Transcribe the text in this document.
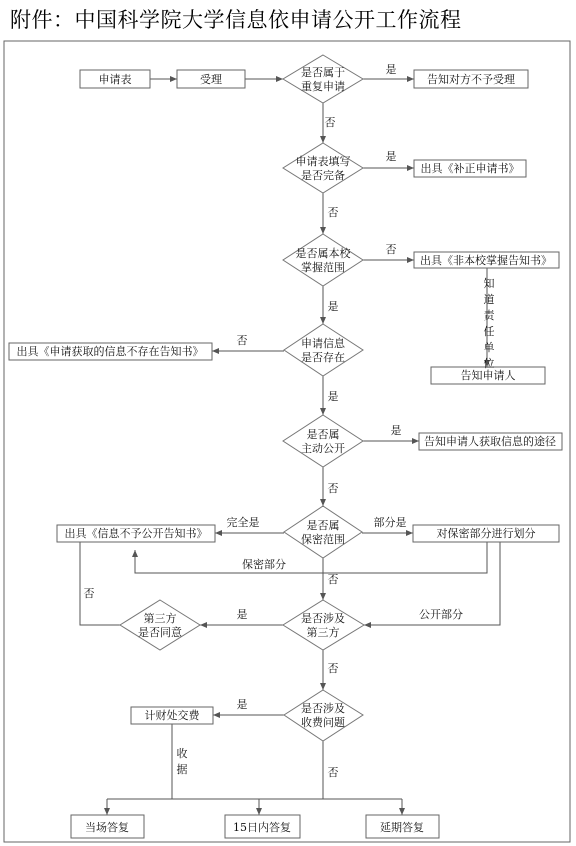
附件：中国科学院大学信息依申请公开工作流程
申请表	受理	告知对方不予受理
出具《补正申请书》
出具《非本校掌握告知书》
告知申请人
出具《申请获取的信息不存在告知书》
告知申请人获取信息的途径
出具《信息不予公开告知书》	对保密部分进行划分
计财处交费
当场答复	15日内答复	延期答复
是否属于
重复申请
申请表填写
是否完备
是否属本校
掌握范围
申请信息
是否存在
是否属
主动公开
是否属
保密范围
是否涉及
第三方
第三方
是否同意
是否涉及
收费问题
知
道
责
任
单
位
收
据
是
否
是
否
否
是
否
是
是
否
完全是	部分是
保密部分
否
否
是	公开部分
否
是
否
